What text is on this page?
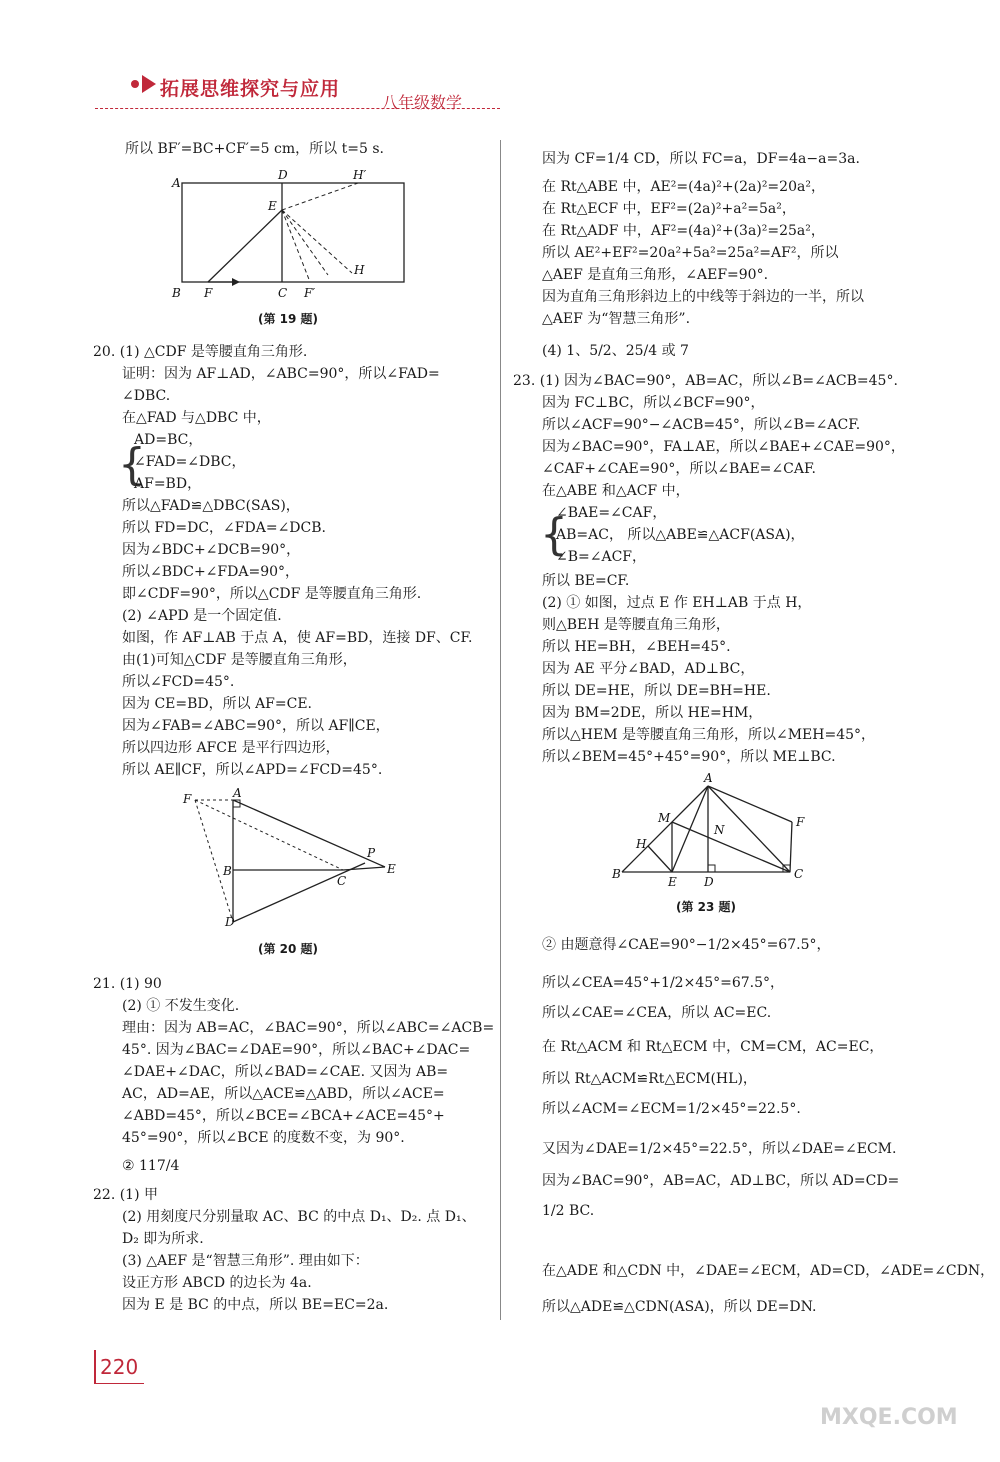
拓展思维探究与应用
八年级数学
所以 BF′=BC+CF′=5 cm，所以 t=5 s.
A
D	H′
E
H
B F	C F′
(第 19 题)
20. (1) △CDF 是等腰直角三角形.
证明：因为 AF⊥AD，∠ABC=90°，所以∠FAD=
∠DBC.
在△FAD 与△DBC 中，
{
AD=BC，
∠FAD=∠DBC，
AF=BD，
所以△FAD≌△DBC(SAS)，
所以 FD=DC，∠FDA=∠DCB.
因为∠BDC+∠DCB=90°，
所以∠BDC+∠FDA=90°，
即∠CDF=90°，所以△CDF 是等腰直角三角形.
(2) ∠APD 是一个固定值.
如图，作 AF⊥AB 于点 A，使 AF=BD，连接 DF、CF.
由(1)可知△CDF 是等腰直角三角形，
所以∠FCD=45°.
因为 CE=BD，所以 AF=CE.
因为∠FAB=∠ABC=90°，所以 AF∥CE，
所以四边形 AFCE 是平行四边形，
所以 AE∥CF，所以∠APD=∠FCD=45°.
F	A
B
C
P
E
D
(第 20 题)
21. (1) 90
(2) ① 不发生变化.
理由：因为 AB=AC，∠BAC=90°，所以∠ABC=∠ACB=
45°. 因为∠BAC=∠DAE=90°，所以∠BAC+∠DAC=
∠DAE+∠DAC，所以∠BAD=∠CAE. 又因为 AB=
AC，AD=AE，所以△ACE≌△ABD，所以∠ACE=
∠ABD=45°，所以∠BCE=∠BCA+∠ACE=45°+
45°=90°，所以∠BCE 的度数不变，为 90°.
② 117/4
22. (1) 甲
(2) 用刻度尺分别量取 AC、BC 的中点 D₁、D₂. 点 D₁、
D₂ 即为所求.
(3) △AEF 是“智慧三角形”. 理由如下：
设正方形 ABCD 的边长为 4a.
因为 E 是 BC 的中点，所以 BE=EC=2a.
因为 CF=1/4 CD，所以 FC=a，DF=4a−a=3a.
在 Rt△ABE 中，AE²=(4a)²+(2a)²=20a²，
在 Rt△ECF 中，EF²=(2a)²+a²=5a²，
在 Rt△ADF 中，AF²=(4a)²+(3a)²=25a²，
所以 AE²+EF²=20a²+5a²=25a²=AF²，所以
△AEF 是直角三角形，∠AEF=90°.
因为直角三角形斜边上的中线等于斜边的一半，所以
△AEF 为“智慧三角形”.
(4) 1、5/2、25/4 或 7
23. (1) 因为∠BAC=90°，AB=AC，所以∠B=∠ACB=45°.
因为 FC⊥BC，所以∠BCF=90°，
所以∠ACF=90°−∠ACB=45°，所以∠B=∠ACF.
因为∠BAC=90°，FA⊥AE，所以∠BAE+∠CAE=90°，
∠CAF+∠CAE=90°，所以∠BAE=∠CAF.
在△ABE 和△ACF 中，
{
∠BAE=∠CAF，
AB=AC， 所以△ABE≌△ACF(ASA)，
∠B=∠ACF，
所以 BE=CF.
(2) ① 如图，过点 E 作 EH⊥AB 于点 H，
则△BEH 是等腰直角三角形，
所以 HE=BH，∠BEH=45°.
因为 AE 平分∠BAD，AD⊥BC，
所以 DE=HE，所以 DE=BH=HE.
因为 BM=2DE，所以 HE=HM，
所以△HEM 是等腰直角三角形，所以∠MEH=45°，
所以∠BEM=45°+45°=90°，所以 ME⊥BC.
A
M
N
F
H
B
E D
C
(第 23 题)
② 由题意得∠CAE=90°−1/2×45°=67.5°，
所以∠CEA=45°+1/2×45°=67.5°，
所以∠CAE=∠CEA，所以 AC=EC.
在 Rt△ACM 和 Rt△ECM 中，CM=CM，AC=EC，
所以 Rt△ACM≌Rt△ECM(HL)，
所以∠ACM=∠ECM=1/2×45°=22.5°.
又因为∠DAE=1/2×45°=22.5°，所以∠DAE=∠ECM.
因为∠BAC=90°，AB=AC，AD⊥BC，所以 AD=CD=
1/2 BC.
在△ADE 和△CDN 中，∠DAE=∠ECM，AD=CD，∠ADE=∠CDN，
所以△ADE≌△CDN(ASA)，所以 DE=DN.
220
MXQE.COM
